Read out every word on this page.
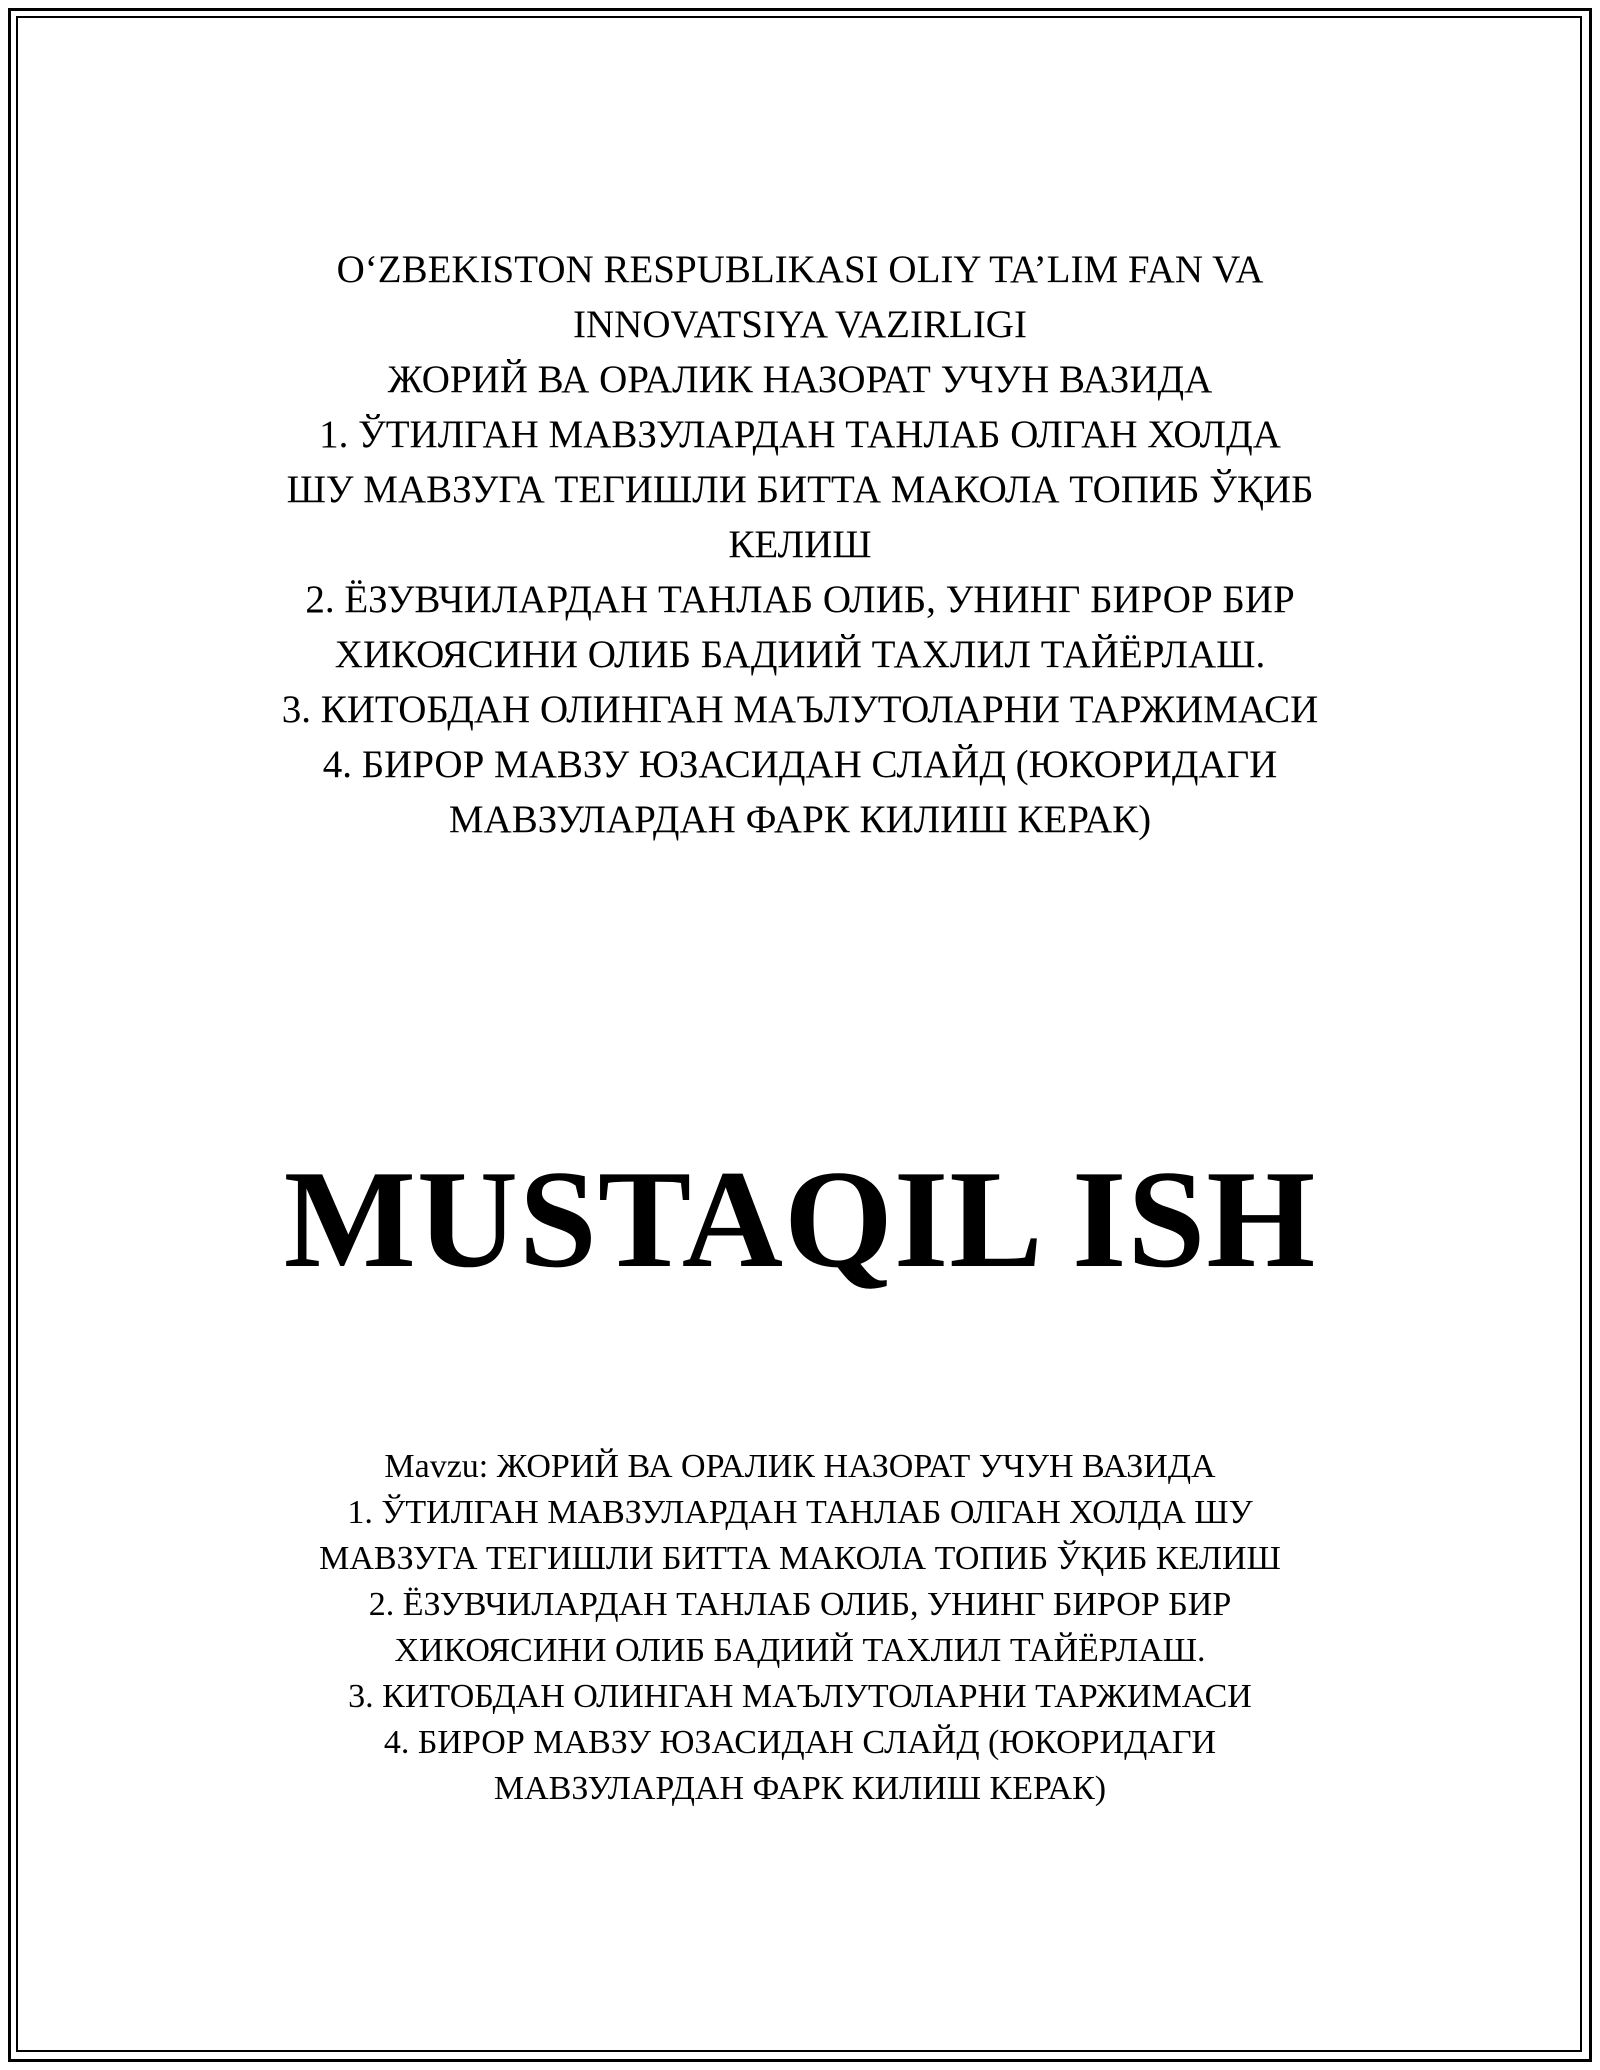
O‘ZBEKISTON RESPUBLIKASI OLIY TA’LIM FAN VA
INNOVATSIYA VAZIRLIGI
ЖОРИЙ ВА ОРАЛИК НАЗОРАТ УЧУН ВАЗИДА
1. ЎТИЛГАН МАВЗУЛАРДАН ТАНЛАБ ОЛГАН ХОЛДА
ШУ МАВЗУГА ТЕГИШЛИ БИТТА МАКОЛА ТОПИБ ЎҚИБ
КЕЛИШ
2. ЁЗУВЧИЛАРДАН ТАНЛАБ ОЛИБ, УНИНГ БИРОР БИР
ХИКОЯСИНИ ОЛИБ БАДИИЙ ТАХЛИЛ ТАЙЁРЛАШ.
3. КИТОБДАН ОЛИНГАН МАЪЛУТОЛАРНИ ТАРЖИМАСИ
4. БИРОР МАВЗУ ЮЗАСИДАН СЛАЙД (ЮКОРИДАГИ
МАВЗУЛАРДАН ФАРК КИЛИШ КЕРАК)
MUSTAQIL ISH
Mavzu: ЖОРИЙ ВА ОРАЛИК НАЗОРАТ УЧУН ВАЗИДА
1. ЎТИЛГАН МАВЗУЛАРДАН ТАНЛАБ ОЛГАН ХОЛДА ШУ
МАВЗУГА ТЕГИШЛИ БИТТА МАКОЛА ТОПИБ ЎҚИБ КЕЛИШ
2. ЁЗУВЧИЛАРДАН ТАНЛАБ ОЛИБ, УНИНГ БИРОР БИР
ХИКОЯСИНИ ОЛИБ БАДИИЙ ТАХЛИЛ ТАЙЁРЛАШ.
3. КИТОБДАН ОЛИНГАН МАЪЛУТОЛАРНИ ТАРЖИМАСИ
4. БИРОР МАВЗУ ЮЗАСИДАН СЛАЙД (ЮКОРИДАГИ
МАВЗУЛАРДАН ФАРК КИЛИШ КЕРАК)
